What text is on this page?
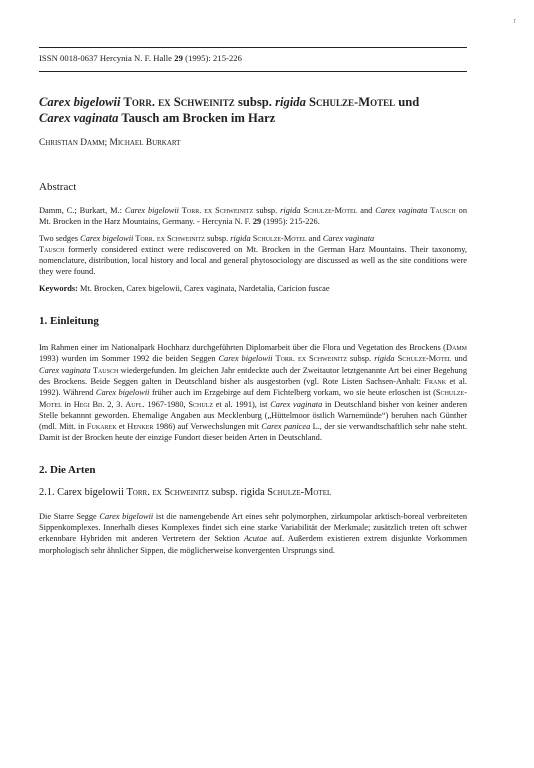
r
ISSN 0018-0637 Hercynia N. F. Halle 29 (1995): 215-226
Carex bigelowii Torr. ex Schweinitz subsp. rigida Schulze-Motel und
Carex vaginata Tausch am Brocken im Harz
Christian Damm; Michael Burkart
Abstract

Damm, C.; Burkart, M.: Carex bigelowii Torr. ex Schweinitz subsp. rigida Schulze-Motel and Carex vaginata Tausch on Mt. Brocken in the Harz Mountains, Germany. - Hercynia N. F. 29 (1995): 215-226.

Two sedges Carex bigelowii Torr. ex Schweinitz subsp. rigida Schulze-Motel and Carex vaginata
Tausch formerly considered extinct were rediscovered on Mt. Brocken in the German Harz Mountains. Their taxonomy, nomenclature, distribution, local history and local and general phytosociology are discussed as well as the site conditions were they were found.

Keywords: Mt. Brocken, Carex bigelowii, Carex vaginata, Nardetalia, Caricion fuscae

1. Einleitung

Im Rahmen einer im Nationalpark Hochharz durchgeführten Diplomarbeit über die Flora und Vegetation des Brockens (Damm 1993) wurden im Sommer 1992 die beiden Seggen Carex bigelowii Torr. ex Schweinitz subsp. rigida Schulze-Motel und Carex vaginata Tausch wiedergefunden. Im gleichen Jahr entdeckte auch der Zweitautor letztgenannte Art bei einer Begehung des Brockens. Beide Seggen galten in Deutschland bisher als ausgestorben (vgl. Rote Listen Sachsen-Anhalt: Frank et al. 1992). Während Carex bigelowii früher auch im Erzgebirge auf dem Fichtelberg vorkam, wo sie heute erloschen ist (Schulze-Motel in Hegi Bd. 2, 3. Aufl. 1967-1980, Schulz et al. 1991), ist Carex vaginata in Deutschland bisher von keiner anderen Stelle bekannnt geworden. Ehemalige Angaben aus Mecklenburg („Hüttelmoor östlich Warnemünde“) beruhen nach Günther (mdl. Mitt. in Fukarek et Henker 1986) auf Verwechslungen mit Carex panicea L., der sie verwandtschaftlich sehr nahe steht. Damit ist der Brocken heute der einzige Fundort dieser beiden Arten in Deutschland.

2. Die Arten
2.1. Carex bigelowii Torr. ex Schweinitz subsp. rigida Schulze-Motel

Die Starre Segge Carex bigelowii ist die namengebende Art eines sehr polymorphen, zirkumpolar arktisch-boreal verbreiteten Sippenkomplexes. Innerhalb dieses Komplexes findet sich eine starke Variabilität der Merkmale; zusätzlich treten oft schwer erkennbare Hybriden mit anderen Vertretern der Sektion Acutae auf. Außerdem existieren extrem disjunkte Vorkommen morphologisch sehr ähnlicher Sippen, die möglicherweise konvergenten Ursprungs sind.
